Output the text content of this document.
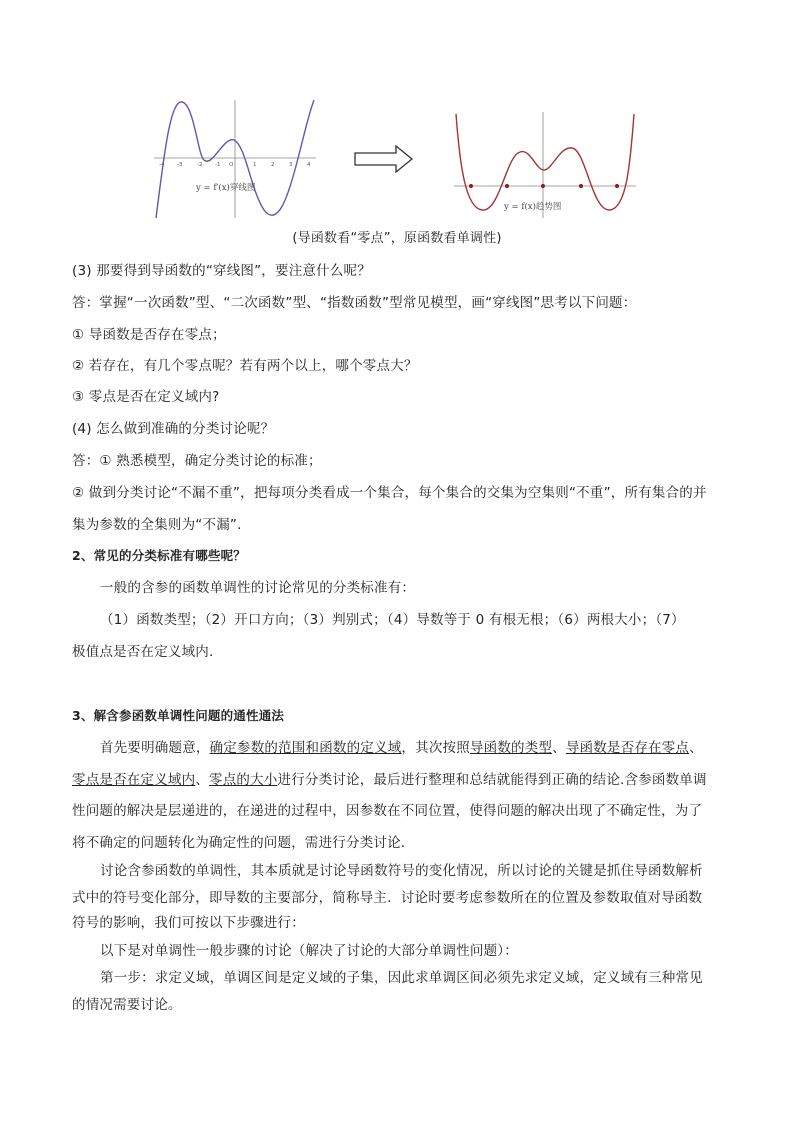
-4 -3	-2 -1 O	1	2	3	4
y = f′(x)穿线图
y = f(x)趋势图
(导函数看“零点”，原函数看单调性)
(3) 那要得到导函数的“穿线图”，要注意什么呢？
答：掌握“一次函数”型、“二次函数”型、“指数函数”型常见模型，画“穿线图”思考以下问题：
① 导函数是否存在零点；
② 若存在，有几个零点呢？若有两个以上，哪个零点大？
③ 零点是否在定义域内?
(4) 怎么做到准确的分类讨论呢？
答：① 熟悉模型，确定分类讨论的标准；
② 做到分类讨论“不漏不重”，把每项分类看成一个集合，每个集合的交集为空集则“不重”，所有集合的并
集为参数的全集则为“不漏”.
2、常见的分类标准有哪些呢？
一般的含参的函数单调性的讨论常见的分类标准有：
（1）函数类型；（2）开口方向；（3）判别式；（4）导数等于 0 有根无根；（6）两根大小；（7）
极值点是否在定义域内.
3、解含参函数单调性问题的通性通法
首先要明确题意，确定参数的范围和函数的定义域，其次按照导函数的类型、导函数是否存在零点、
零点是否在定义域内、零点的大小进行分类讨论，最后进行整理和总结就能得到正确的结论.含参函数单调
性问题的解决是层递进的，在递进的过程中，因参数在不同位置，使得问题的解决出现了不确定性，为了
将不确定的问题转化为确定性的问题，需进行分类讨论.
讨论含参函数的单调性，其本质就是讨论导函数符号的变化情况，所以讨论的关键是抓住导函数解析
式中的符号变化部分，即导数的主要部分，简称导主．讨论时要考虑参数所在的位置及参数取值对导函数
符号的影响，我们可按以下步骤进行：
以下是对单调性一般步骤的讨论（解决了讨论的大部分单调性问题）：
第一步：求定义域，单调区间是定义域的子集，因此求单调区间必须先求定义域，定义域有三种常见
的情况需要讨论。
